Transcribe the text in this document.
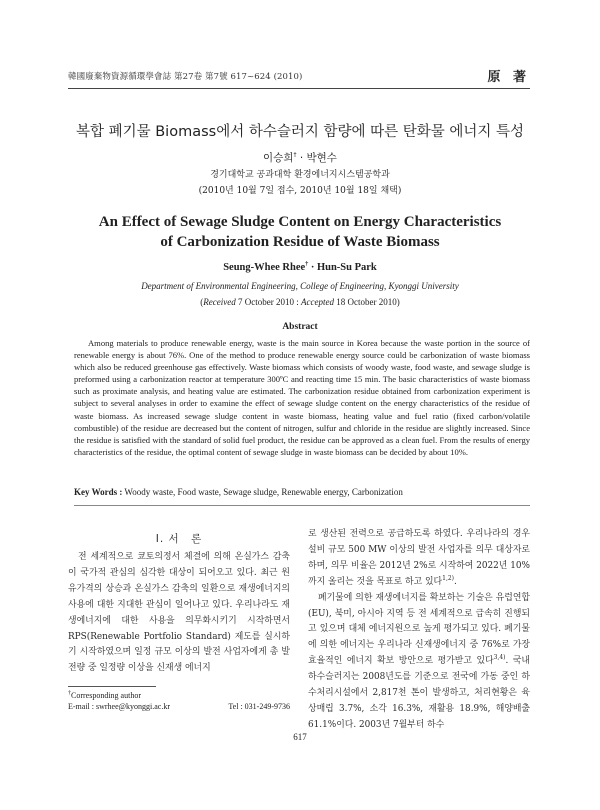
韓國廢棄物資源循環學會誌 第27卷 第7號 617~624 (2010)	原 著
복합 폐기물 Biomass에서 하수슬러지 함량에 따른 탄화물 에너지 특성
이승희† · 박현수
경기대학교 공과대학 환경에너지시스템공학과
(2010년 10월 7일 접수, 2010년 10월 18일 채택)
An Effect of Sewage Sludge Content on Energy Characteristics
of Carbonization Residue of Waste Biomass
Seung-Whee Rhee† · Hun-Su Park
Department of Environmental Engineering, College of Engineering, Kyonggi University
(Received 7 October 2010 : Accepted 18 October 2010)
Abstract
Among materials to produce renewable energy, waste is the main source in Korea because the waste portion in the source of renewable energy is about 76%. One of the method to produce renewable energy source could be carbonization of waste biomass which also be reduced greenhouse gas effectively. Waste biomass which consists of woody waste, food waste, and sewage sludge is preformed using a carbonization reactor at temperature 300ºC and reacting time 15 min. The basic characteristics of waste biomass such as proximate analysis, and heating value are estimated. The carbonization residue obtained from carbonization experiment is subject to several analyses in order to examine the effect of sewage sludge content on the energy characteristics of the residue of waste biomass. As increased sewage sludge content in waste biomass, heating value and fuel ratio (fixed carbon/volatile combustible) of the residue are decreased but the content of nitrogen, sulfur and chloride in the residue are slightly increased. Since the residue is satisfied with the standard of solid fuel product, the residue can be approved as a clean fuel. From the results of energy characteristics of the residue, the optimal content of sewage sludge in waste biomass can be decided by about 10%.
Key Words : Woody waste, Food waste, Sewage sludge, Renewable energy, Carbonization
I. 서　론
전 세계적으로 쿄토의정서 체결에 의해 온실가스 감축이 국가적 관심의 심각한 대상이 되어오고 있다. 최근 원유가격의 상승과 온실가스 감축의 일환으로 재생에너지의 사용에 대한 지대한 관심이 일어나고 있다. 우리나라도 재생에너지에 대한 사용을 의무화시키기 시작하면서 RPS(Renewable Portfolio Standard) 제도를 실시하기 시작하였으며 일정 규모 이상의 발전 사업자에게 총 발전량 중 일정량 이상을 신재생 에너지
로 생산된 전력으로 공급하도록 하였다. 우리나라의 경우 설비 규모 500 MW 이상의 발전 사업자를 의무 대상자로 하며, 의무 비율은 2012년 2%로 시작하여 2022년 10%까지 올리는 것을 목표로 하고 있다$^{1,2)}$.
폐기물에 의한 재생에너지를 확보하는 기술은 유럽연합(EU), 북미, 아시아 지역 등 전 세계적으로 급속히 진행되고 있으며 대체 에너지원으로 높게 평가되고 있다. 폐기물에 의한 에너지는 우리나라 신재생에너지 중 76%로 가장 효율적인 에너지 확보 방안으로 평가받고 있다$^{3,4)}$. 국내 하수슬러지는 2008년도를 기준으로 전국에 가동 중인 하수처리시설에서 2,817천 톤이 발생하고, 처리현황은 육상매립 3.7%, 소각 16.3%, 재활용 18.9%, 해양배출 61.1%이다. 2003년 7월부터 하수
†Corresponding author
E-mail : swrhee@kyonggi.ac.kr	Tel : 031-249-9736
617
